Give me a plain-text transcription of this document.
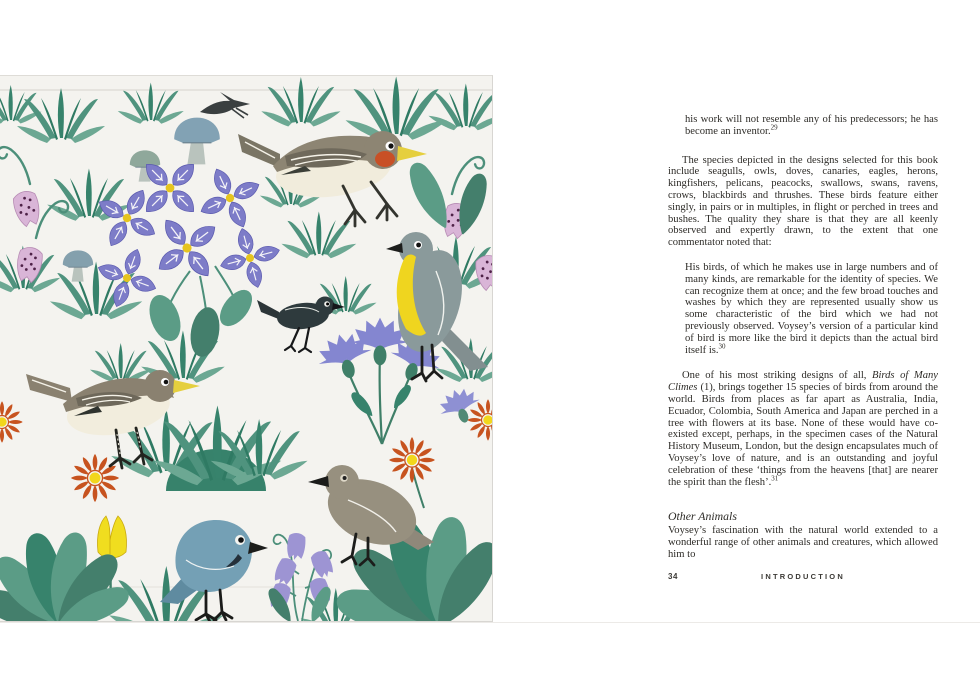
his work will not resemble any of his predecessors; he has become an inventor.$^{29}$

The species depicted in the designs selected for this book include seagulls, owls, doves, canaries, eagles, herons, kingfishers, pelicans, peacocks, swallows, swans, ravens, crows, blackbirds and thrushes. These birds feature either singly, in pairs or in multiples, in flight or perched in trees and bushes. The quality they share is that they are all keenly observed and expertly drawn, to the extent that one commentator noted that:

His birds, of which he makes use in large numbers and of many kinds, are remarkable for the identity of species. We can recognize them at once; and the few broad touches and washes by which they are represented usually show us some characteristic of the bird which we had not previously observed. Voysey’s version of a particular kind of bird is more like the bird it depicts than the actual bird itself is.$^{30}$

One of his most striking designs of all, Birds of Many Climes (1), brings together 15 species of birds from around the world. Birds from places as far apart as Australia, India, Ecuador, Colombia, South America and Japan are perched in a tree with flowers at its base. None of these would have co-existed except, perhaps, in the specimen cases of the Natural History Museum, London, but the design encapsulates much of Voysey’s love of nature, and is an outstanding and joyful celebration of these ‘things from the heavens [that] are nearer the spirit than the flesh’.$^{31}$

Other Animals

Voysey’s fascination with the natural world extended to a wonderful range of other animals and creatures, which allowed him to

34	INTRODUCTION
